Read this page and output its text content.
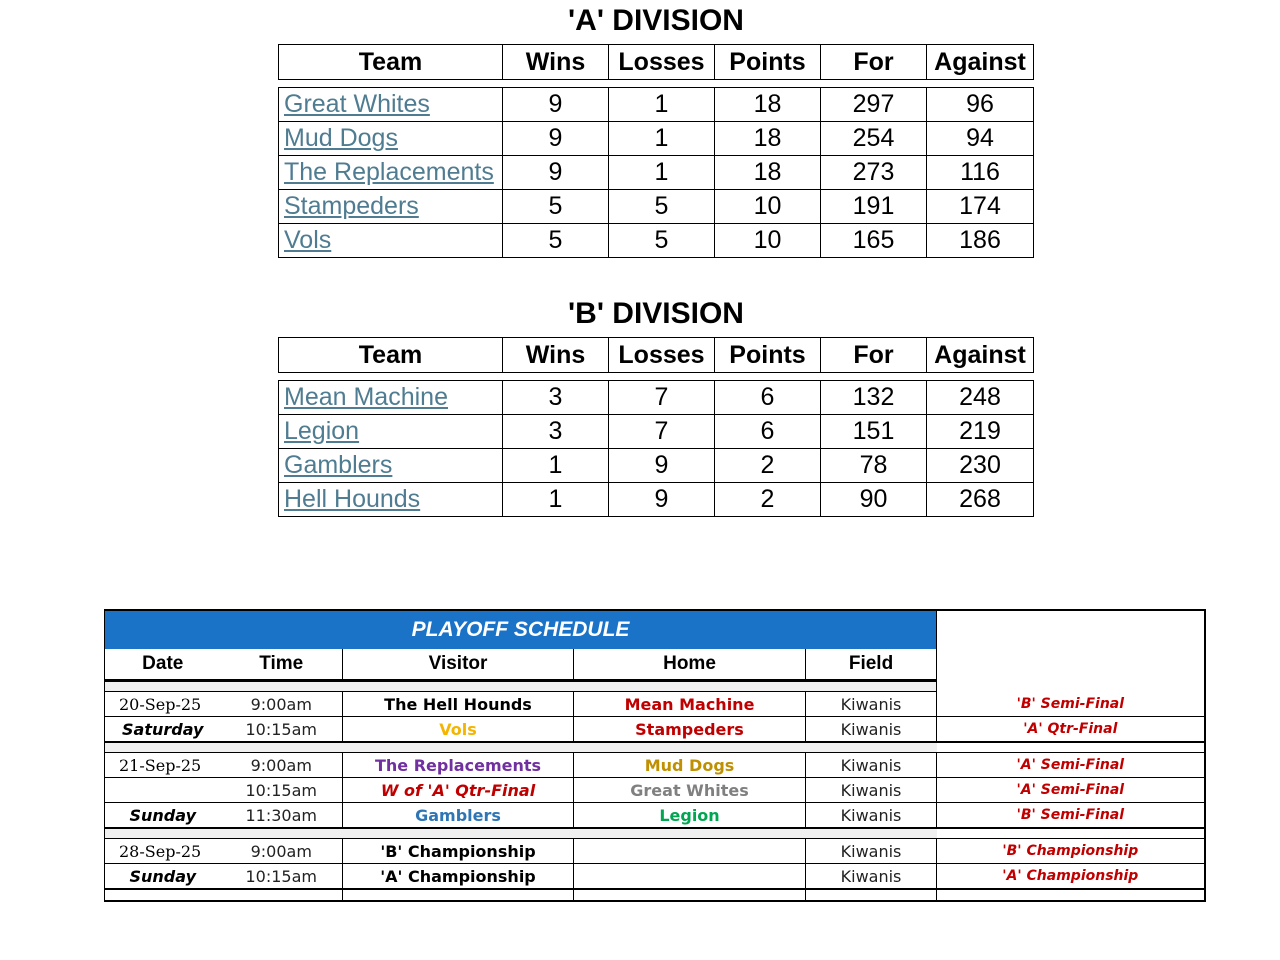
'A' DIVISION
Team	Wins	Losses	Points	For	Against

Great Whites	9	1	18	297	96
Mud Dogs	9	1	18	254	94
The Replacements	9	1	18	273	116
Stampeders	5	5	10	191	174
Vols	5	5	10	165	186
'B' DIVISION
Team	Wins	Losses	Points	For	Against

Mean Machine	3	7	6	132	248
Legion	3	7	6	151	219
Gamblers	1	9	2	78	230
Hell Hounds	1	9	2	90	268
PLAYOFF SCHEDULE					
Date	Time	Visitor	Home	Field	

20-Sep-25	9:00am	The Hell Hounds	Mean Machine	Kiwanis	'B' Semi-Final
Saturday	10:15am	Vols	Stampeders	Kiwanis	'A' Qtr-Final

21-Sep-25	9:00am	The Replacements	Mud Dogs	Kiwanis	'A' Semi-Final
	10:15am	W of 'A' Qtr-Final	Great Whites	Kiwanis	'A' Semi-Final
Sunday	11:30am	Gamblers	Legion	Kiwanis	'B' Semi-Final

28-Sep-25	9:00am	'B' Championship		Kiwanis	'B' Championship
Sunday	10:15am	'A' Championship		Kiwanis	'A' Championship
